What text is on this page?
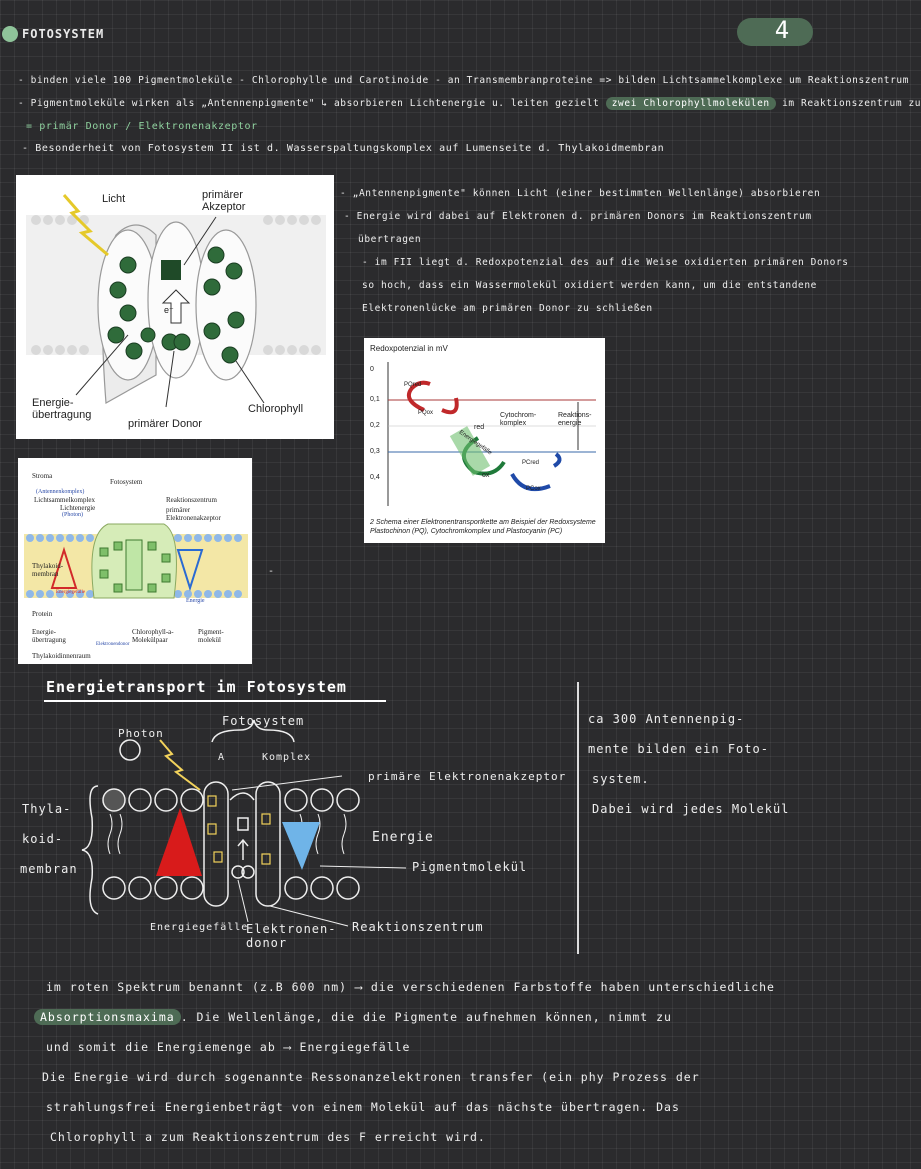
FOTOSYSTEM	4
- binden viele 100 Pigmentmoleküle - Chlorophylle und Carotinoide - an Transmembranproteine => bilden Lichtsammelkomplexe um Reaktionszentrum
- Pigmentmoleküle wirken als „Antennenpigmente" ↳ absorbieren Lichtenergie u. leiten gezielt zwei Chlorophyllmolekülen im Reaktionszentrum zu
= primär Donor / Elektronenakzeptor
- Besonderheit von Fotosystem II ist d. Wasserspaltungskomplex auf Lumenseite d. Thylakoidmembran
Licht	primärer Akzeptor
e⁻
Energie-übertragung
primärer Donor
Chlorophyll
- „Antennenpigmente" können Licht (einer bestimmten Wellenlänge) absorbieren
- Energie wird dabei auf Elektronen d. primären Donors im Reaktionszentrum
übertragen
- im FII liegt d. Redoxpotenzial des auf die Weise oxidierten primären Donors
so hoch, dass ein Wassermolekül oxidiert werden kann, um die entstandene
Elektronenlücke am primären Donor zu schließen
Redoxpotenzial in mV
0
0,1
0,2
0,3
0,4
PQred
PQox
red
ox
Cytochrom-komplex
Reaktions-energie
Energiegefälle
PCred
PCox
2 Schema einer Elektronentransportkette am Beispiel der Redoxsysteme Plastochinon (PQ), Cytochromkomplex und Plastocyanin (PC)
Stroma
Fotosystem
(Antennenkomplex)
Lichtsammelkomplex
Lichtenergie
(Photon)
Reaktionszentrum
primärer Elektronenakzeptor
Thylakoid-membran
Energiegefälle
Energie
Protein
Energie-übertragung
Chlorophyll-a-Molekülpaar
Elektronendonor
Pigment-molekül
Thylakoidinnenraum
-
Energietransport im Fotosystem
Photon
Fotosystem
A	Komplex
Thyla-
koid-
membran
primäre Elektronenakzeptor
Energie
Pigmentmolekül
Energiegefälle
Elektronen-donor
Reaktionszentrum
ca 300 Antennenpig-
mente bilden ein Foto-
system.
Dabei wird jedes Molekül
im roten Spektrum benannt (z.B 600 nm) ⟶ die verschiedenen Farbstoffe haben unterschiedliche
Absorptionsmaxima . Die Wellenlänge, die die Pigmente aufnehmen können, nimmt zu
und somit die Energiemenge ab ⟶ Energiegefälle
Die Energie wird durch sogenannte Ressonanzelektronen transfer (ein phy Prozess der
strahlungsfrei Energienbeträgt von einem Molekül auf das nächste übertragen. Das
Chlorophyll a zum Reaktionszentrum des F erreicht wird.
